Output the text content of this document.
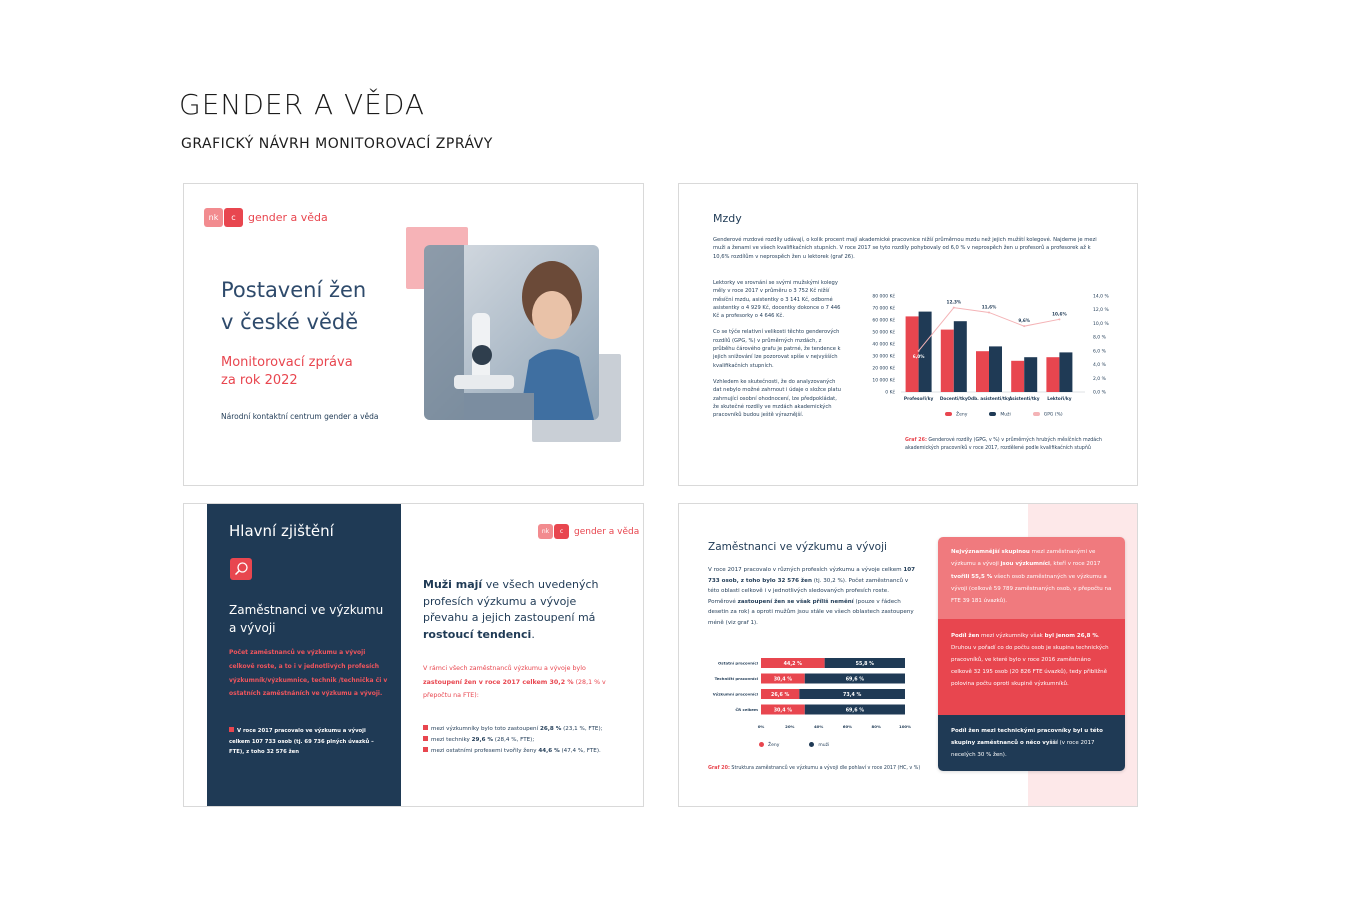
GENDER A VĚDA
GRAFICKÝ NÁVRH MONITOROVACÍ ZPRÁVY
nk	c	gender a věda
Postavení žen
v české vědě
Monitorovací zpráva
za rok 2022
Národní kontaktní centrum gender a věda
Mzdy
Genderové mzdové rozdíly udávají, o kolik procent mají akademické pracovnice nižší průměrnou mzdu než jejich mužští kolegové. Najdeme je mezi muži a ženami ve všech kvalifikačních stupních. V roce 2017 se tyto rozdíly pohybovaly od 6,0 % v neprospěch žen u profesorů a profesorek až k 10,6% rozdílům v neprospěch žen u lektorek (graf 26).
Lektorky ve srovnání se svými mužskými kolegy měly v roce 2017 v průměru o 3 752 Kč nižší měsíční mzdu, asistentky o 3 141 Kč, odborné asistentky o 4 929 Kč, docentky dokonce o 7 446 Kč a profesorky o 4 646 Kč.
Co se týče relativní velikosti těchto genderových rozdílů (GPG, %) v průměrných mzdách, z průběhu čárového grafu je patrné, že tendence k jejich snižování lze pozorovat spíše v nejvyšších kvalifikačních stupních.
Vzhledem ke skutečnosti, že do analyzovaných dat nebylo možné zahrnout i údaje o složce platu zahrnující osobní ohodnocení, lze předpokládat, že skutečné rozdíly ve mzdách akademických pracovníků budou ještě výraznější.
80 000 Kč
70 000 Kč
60 000 Kč
50 000 Kč
40 000 Kč
30 000 Kč
20 000 Kč
10 000 Kč
0 Kč
14,0 %
12,0 %
10,0 %
8,0 %
6,0 %
4,0 %
2,0 %
0,0 %
Profesoři/ky Docenti/tky Odb. asistenti/tky
Asistenti/tky Lektoři/ky
6,0%
12,3%
11,6%
9,6%
10,6%
Ženy	Muži	GPG (%)
Graf 26: Genderové rozdíly (GPG, v %) v průměrných hrubých měsíčních mzdách akademických pracovníků v roce 2017, rozdělené podle kvalifikačních stupňů
Hlavní zjištění
Zaměstnanci ve výzkumu
a vývoji
Počet zaměstnanců ve výzkumu a vývoji celkově roste, a to i v jednotlivých profesích výzkumník/výzkumnice, technik /technička či v ostatních zaměstnáních ve výzkumu a vývoji.
V roce 2017 pracovalo ve výzkumu a vývoji celkem 107 733 osob (tj. 69 736 plných úvazků – FTE), z toho 32 576 žen
nk	c	gender a věda
Muži mají ve všech uvedených profesích výzkumu a vývoje převahu a jejich zastoupení má rostoucí tendenci.
V rámci všech zaměstnanců výzkumu a vývoje bylo zastoupení žen v roce 2017 celkem 30,2 % (28,1 % v přepočtu na FTE):
mezi výzkumníky bylo toto zastoupení 26,8 % (23,1 %, FTE);
mezi techniky 29,6 % (28,4 %, FTE);
mezi ostatními profesemi tvořily ženy 44,6 % (47,4 %, FTE).
Zaměstnanci ve výzkumu a vývoji
V roce 2017 pracovalo v různých profesích výzkumu a vývoje celkem 107 733 osob, z toho bylo 32 576 žen (tj. 30,2 %). Počet zaměstnanců v této oblasti celkově i v jednotlivých sledovaných profesích roste. Poměrové zastoupení žen se však příliš nemění (pouze v řádech desetin za rok) a oproti mužům jsou stále ve všech oblastech zastoupeny méně (viz graf 1).
Ostatní pracovníci	44,2 %	55,8 %
Techničtí pracovníci	30,4 %	69,6 %
Výzkumní pracovníci	26,6 %	73,4 %
ČR celkem	30,4 %	69,6 %
0%	20%	40%	60%	80%	100%
Ženy	muži
Graf 20: Struktura zaměstnanců ve výzkumu a vývoji dle pohlaví v roce 2017 (HC, v %)
Nejvýznamnější skupinou mezi zaměstnanými ve výzkumu a vývoji jsou výzkumníci, kteří v roce 2017 tvořili 55,5 % všech osob zaměstnaných ve výzkumu a vývoji (celkově 59 789 zaměstnaných osob, v přepočtu na FTE 39 181 úvazků).
Podíl žen mezi výzkumníky však byl jenom 26,8 %. Druhou v pořadí co do počtu osob je skupina technických pracovníků, ve které bylo v roce 2016 zaměstnáno celkově 32 195 osob (20 826 FTE úvazků), tedy přibližně polovina počtu oproti skupině výzkumníků.
Podíl žen mezi technickými pracovníky byl u této skupiny zaměstnanců o něco vyšší (v roce 2017 necelých 30 % žen).
